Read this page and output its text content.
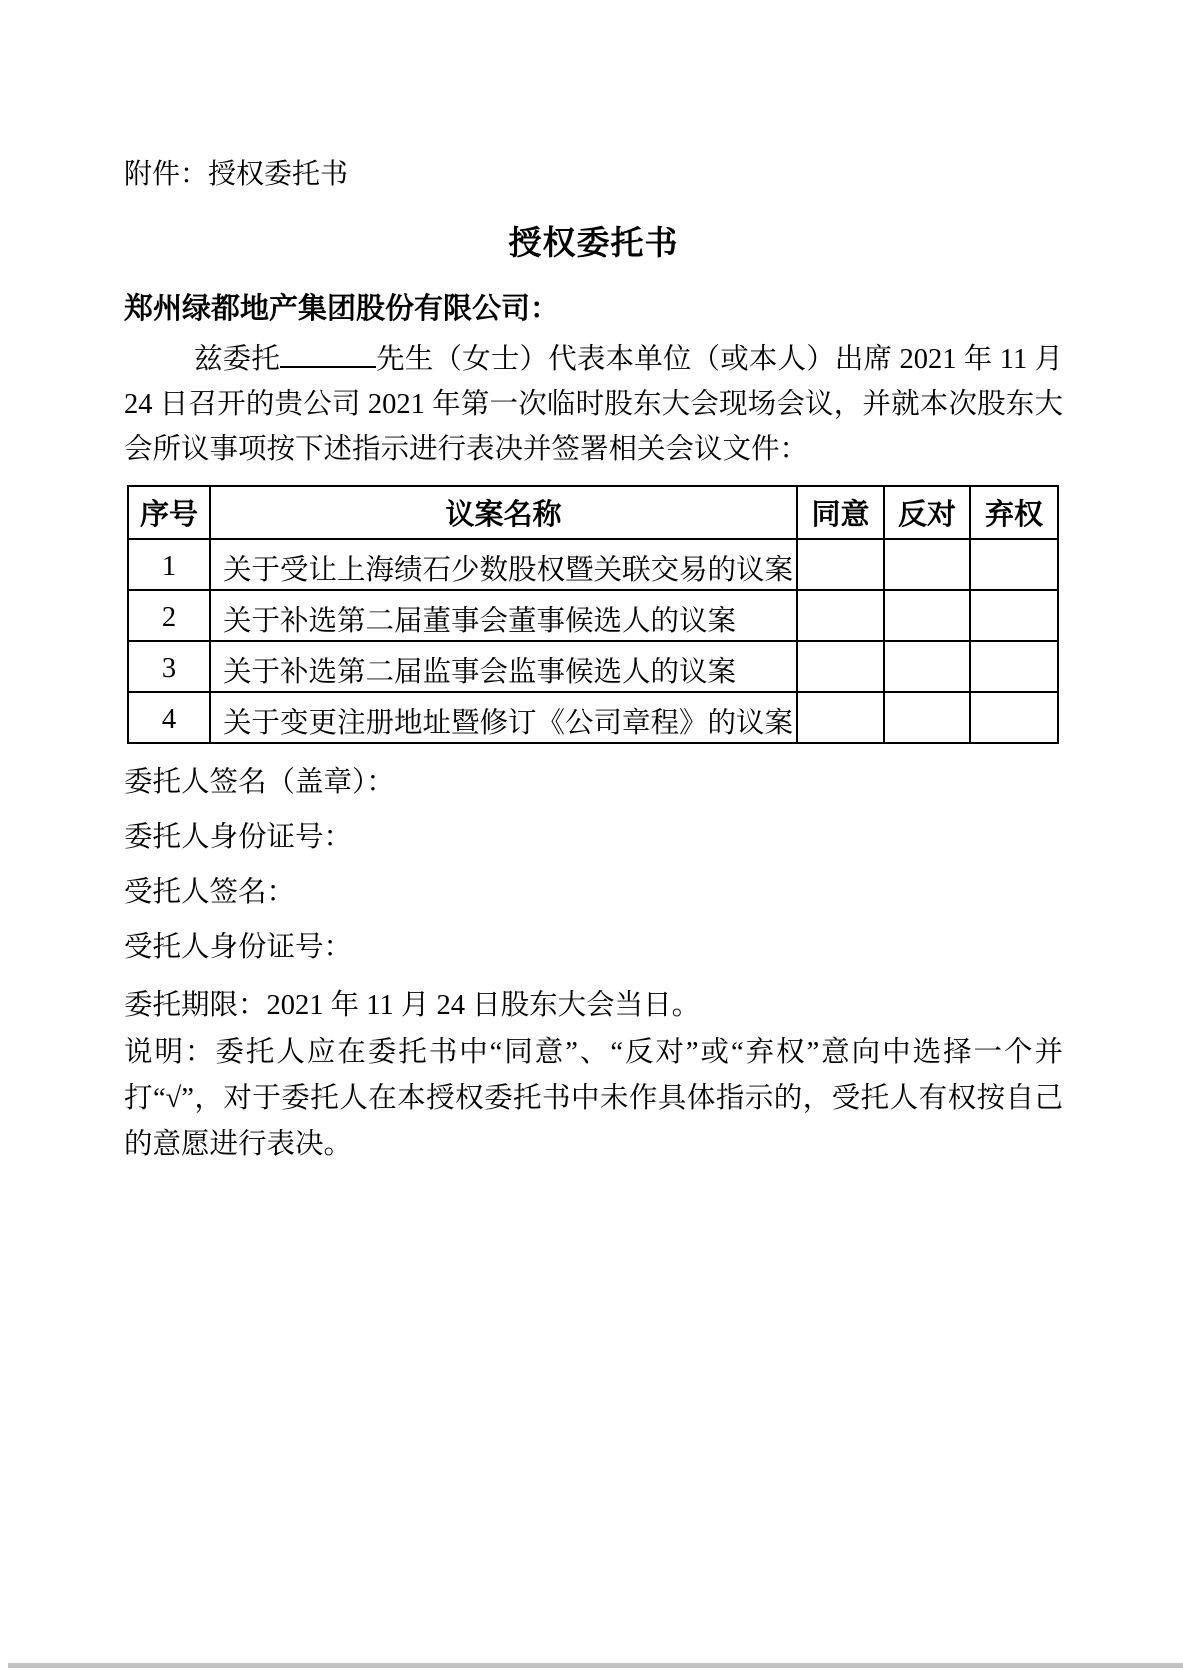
附件：授权委托书
授权委托书
郑州绿都地产集团股份有限公司：
兹委托	先生（女士）代表本单位（或本人）出席 2021 年 11 月 24 日召开的贵公司 2021 年第一次临时股东大会现场会议，并就本次股东大会所议事项按下述指示进行表决并签署相关会议文件：
序号	议案名称	同意	反对	弃权
1	关于受让上海绩石少数股权暨关联交易的议案			
2	关于补选第二届董事会董事候选人的议案			
3	关于补选第二届监事会监事候选人的议案			
4	关于变更注册地址暨修订《公司章程》的议案			
委托人签名（盖章）：
委托人身份证号：
受托人签名：
受托人身份证号：
委托期限：2021 年 11 月 24 日股东大会当日。
说明：委托人应在委托书中“同意”、“反对”或“弃权”意向中选择一个并打“√”，对于委托人在本授权委托书中未作具体指示的，受托人有权按自己的意愿进行表决。
